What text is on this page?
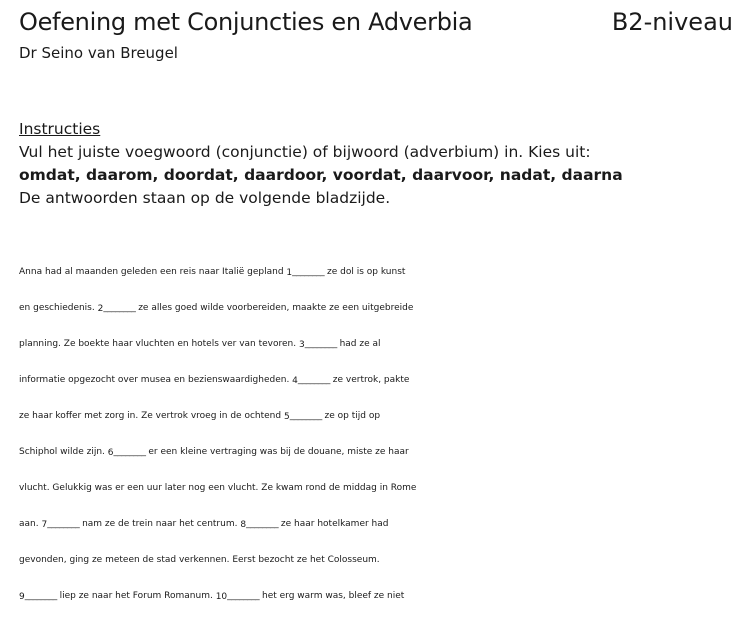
Oefening met Conjuncties en Adverbia	B2-niveau
Dr Seino van Breugel
Instructies
Vul het juiste voegwoord (conjunctie) of bijwoord (adverbium) in. Kies uit:
omdat, daarom, doordat, daardoor, voordat, daarvoor, nadat, daarna
De antwoorden staan op de volgende bladzijde.
Anna had al maanden geleden een reis naar Italië gepland 1________ ze dol is op kunst
en geschiedenis. 2________ ze alles goed wilde voorbereiden, maakte ze een uitgebreide
planning. Ze boekte haar vluchten en hotels ver van tevoren. 3________ had ze al
informatie opgezocht over musea en bezienswaardigheden. 4________ ze vertrok, pakte
ze haar koffer met zorg in. Ze vertrok vroeg in de ochtend 5________ ze op tijd op
Schiphol wilde zijn. 6________ er een kleine vertraging was bij de douane, miste ze haar
vlucht. Gelukkig was er een uur later nog een vlucht. Ze kwam rond de middag in Rome
aan. 7________ nam ze de trein naar het centrum. 8________ ze haar hotelkamer had
gevonden, ging ze meteen de stad verkennen. Eerst bezocht ze het Colosseum.
9________ liep ze naar het Forum Romanum. 10________ het erg warm was, bleef ze niet
